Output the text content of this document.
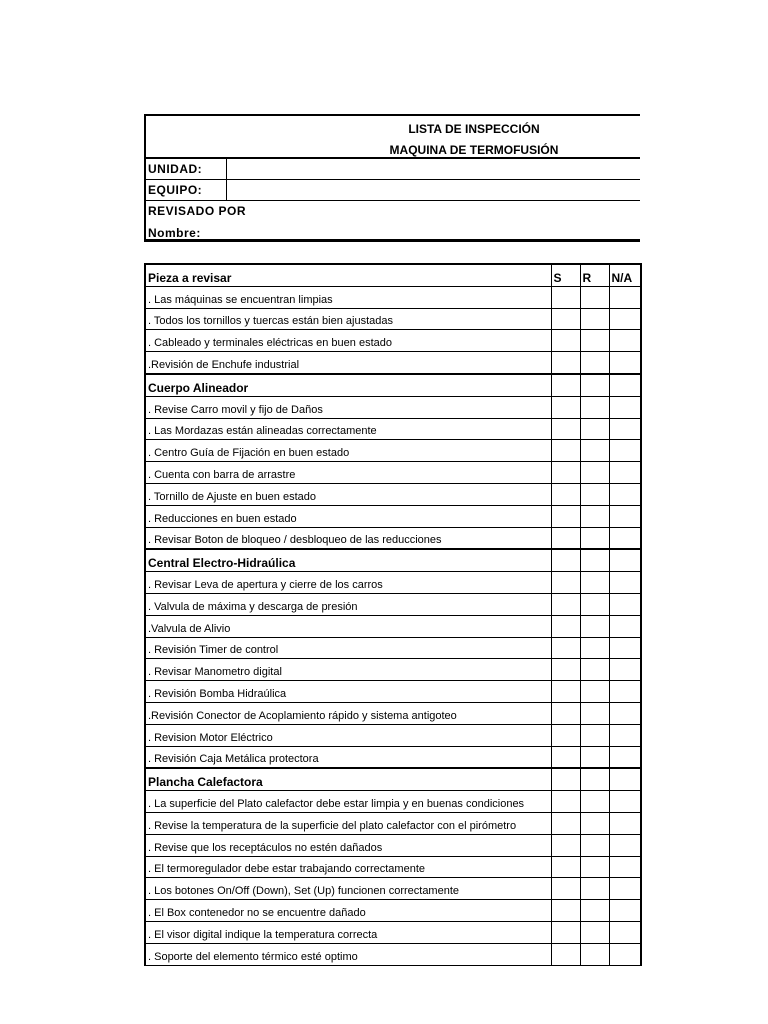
LISTA DE INSPECCIÓN
MAQUINA DE TERMOFUSIÓN
UNIDAD:
EQUIPO:
REVISADO POR
Nombre:
Pieza a revisar	S	R	N/A
. Las máquinas se encuentran limpias			
. Todos los tornillos y tuercas están bien ajustadas			
. Cableado y terminales eléctricas en buen estado			
.Revisión de Enchufe industrial			
Cuerpo Alineador			
. Revise Carro movil y fijo de Daños			
. Las Mordazas están alineadas correctamente			
. Centro Guía de Fijación en buen estado			
. Cuenta con barra de arrastre			
. Tornillo de Ajuste en buen estado			
. Reducciones en buen estado			
. Revisar Boton de bloqueo / desbloqueo de las reducciones			
Central Electro-Hidraúlica			
. Revisar Leva de apertura y cierre de los carros			
. Valvula de máxima y descarga de presión			
.Valvula de Alivio			
. Revisión Timer de control			
. Revisar Manometro digital			
. Revisión Bomba Hidraúlica			
.Revisión Conector de Acoplamiento rápido y sistema antigoteo			
. Revision Motor Eléctrico			
. Revisión Caja Metálica protectora			
Plancha Calefactora			
. La superficie del Plato calefactor debe estar limpia y en buenas condiciones			
. Revise la temperatura de la superficie del plato calefactor con el pirómetro			
. Revise que los receptáculos no estén dañados			
. El termoregulador debe estar trabajando correctamente			
. Los botones On/Off (Down), Set (Up) funcionen correctamente			
. El Box contenedor no se encuentre dañado			
. El visor digital indique la temperatura correcta			
. Soporte del elemento térmico esté optimo			
